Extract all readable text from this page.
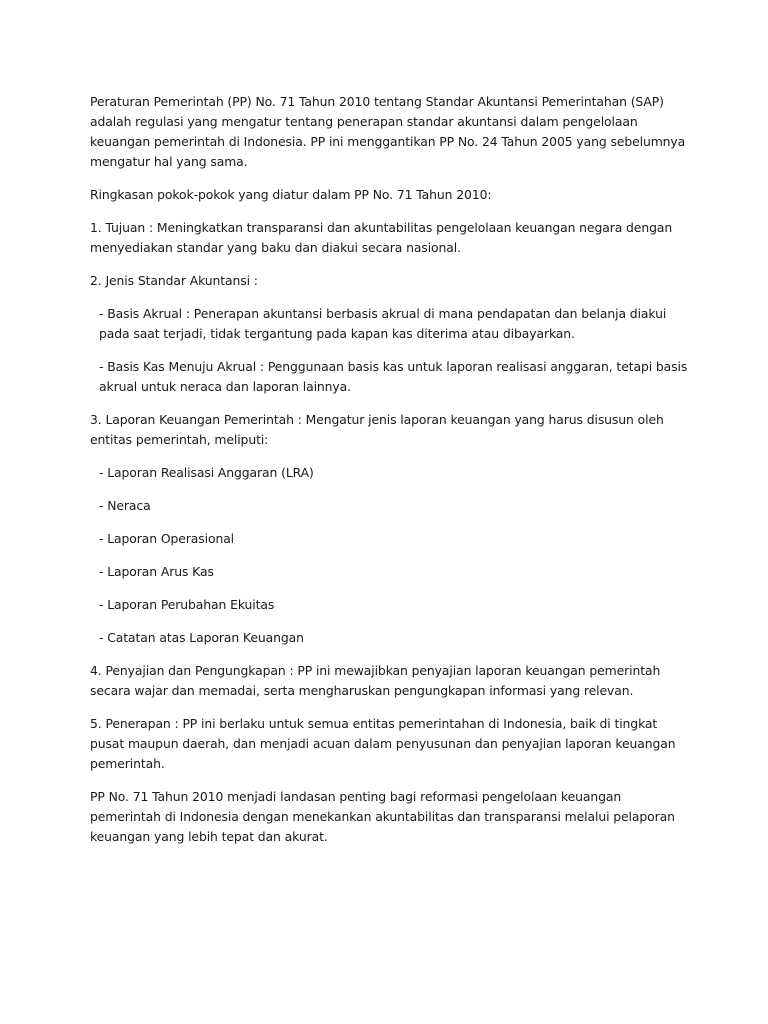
Peraturan Pemerintah (PP) No. 71 Tahun 2010 tentang Standar Akuntansi Pemerintahan (SAP) adalah regulasi yang mengatur tentang penerapan standar akuntansi dalam pengelolaan keuangan pemerintah di Indonesia. PP ini menggantikan PP No. 24 Tahun 2005 yang sebelumnya mengatur hal yang sama.

Ringkasan pokok-pokok yang diatur dalam PP No. 71 Tahun 2010:

1. Tujuan : Meningkatkan transparansi dan akuntabilitas pengelolaan keuangan negara dengan menyediakan standar yang baku dan diakui secara nasional.

2. Jenis Standar Akuntansi :

- Basis Akrual : Penerapan akuntansi berbasis akrual di mana pendapatan dan belanja diakui pada saat terjadi, tidak tergantung pada kapan kas diterima atau dibayarkan.

- Basis Kas Menuju Akrual : Penggunaan basis kas untuk laporan realisasi anggaran, tetapi basis akrual untuk neraca dan laporan lainnya.

3. Laporan Keuangan Pemerintah : Mengatur jenis laporan keuangan yang harus disusun oleh entitas pemerintah, meliputi:

- Laporan Realisasi Anggaran (LRA)

- Neraca

- Laporan Operasional

- Laporan Arus Kas

- Laporan Perubahan Ekuitas

- Catatan atas Laporan Keuangan

4. Penyajian dan Pengungkapan : PP ini mewajibkan penyajian laporan keuangan pemerintah secara wajar dan memadai, serta mengharuskan pengungkapan informasi yang relevan.

5. Penerapan : PP ini berlaku untuk semua entitas pemerintahan di Indonesia, baik di tingkat pusat maupun daerah, dan menjadi acuan dalam penyusunan dan penyajian laporan keuangan pemerintah.

PP No. 71 Tahun 2010 menjadi landasan penting bagi reformasi pengelolaan keuangan pemerintah di Indonesia dengan menekankan akuntabilitas dan transparansi melalui pelaporan keuangan yang lebih tepat dan akurat.
